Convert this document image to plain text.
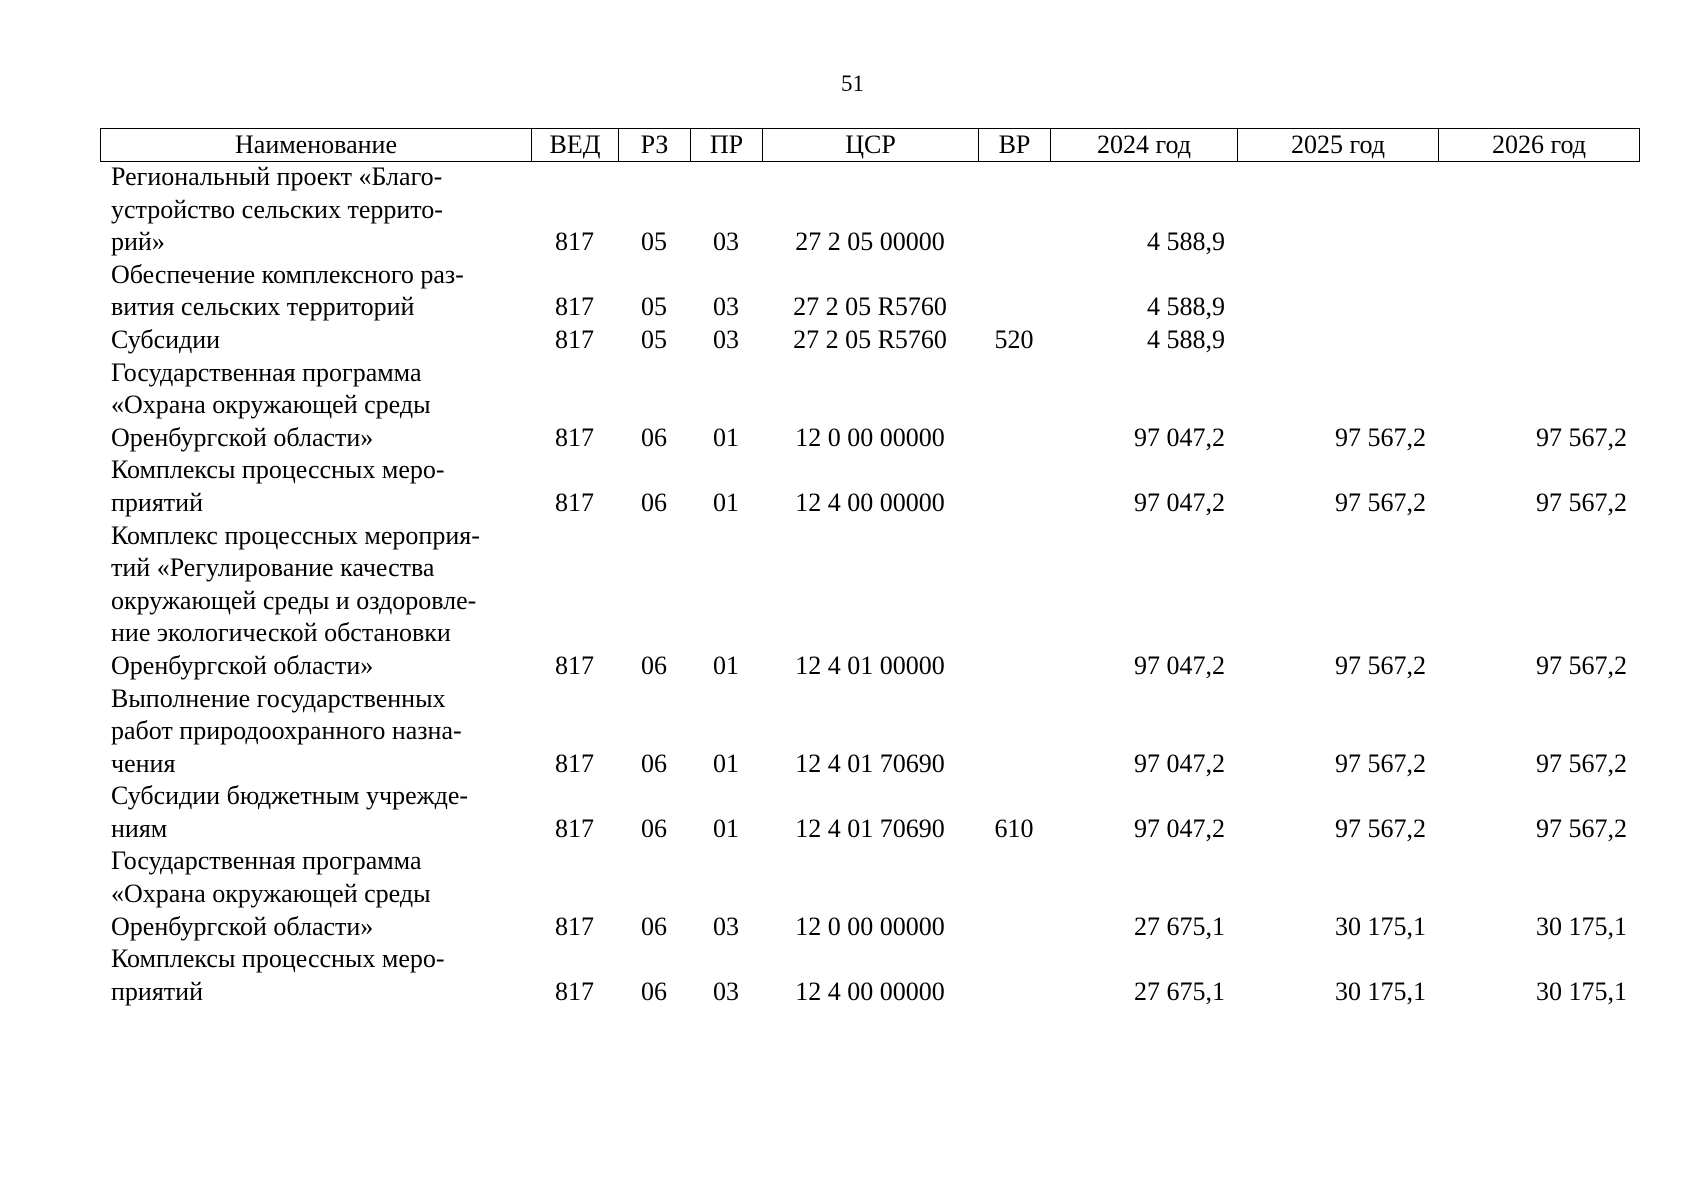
51
Наименование	ВЕД	РЗ	ПР	ЦСР	ВР	2024 год	2025 год	2026 год
Региональный проект «Благо-
устройство сельских террито-
рий»	817	05	03	27 2 05 00000		4 588,9		
Обеспечение комплексного раз-
вития сельских территорий	817	05	03	27 2 05 R5760		4 588,9		
Субсидии	817	05	03	27 2 05 R5760	520	4 588,9		
Государственная программа
«Охрана окружающей среды
Оренбургской области»	817	06	01	12 0 00 00000		97 047,2	97 567,2	97 567,2
Комплексы процессных меро-
приятий	817	06	01	12 4 00 00000		97 047,2	97 567,2	97 567,2
Комплекс процессных мероприя-
тий «Регулирование качества
окружающей среды и оздоровле-
ние экологической обстановки
Оренбургской области»	817	06	01	12 4 01 00000		97 047,2	97 567,2	97 567,2
Выполнение государственных
работ природоохранного назна-
чения	817	06	01	12 4 01 70690		97 047,2	97 567,2	97 567,2
Субсидии бюджетным учрежде-
ниям	817	06	01	12 4 01 70690	610	97 047,2	97 567,2	97 567,2
Государственная программа
«Охрана окружающей среды
Оренбургской области»	817	06	03	12 0 00 00000		27 675,1	30 175,1	30 175,1
Комплексы процессных меро-
приятий	817	06	03	12 4 00 00000		27 675,1	30 175,1	30 175,1
